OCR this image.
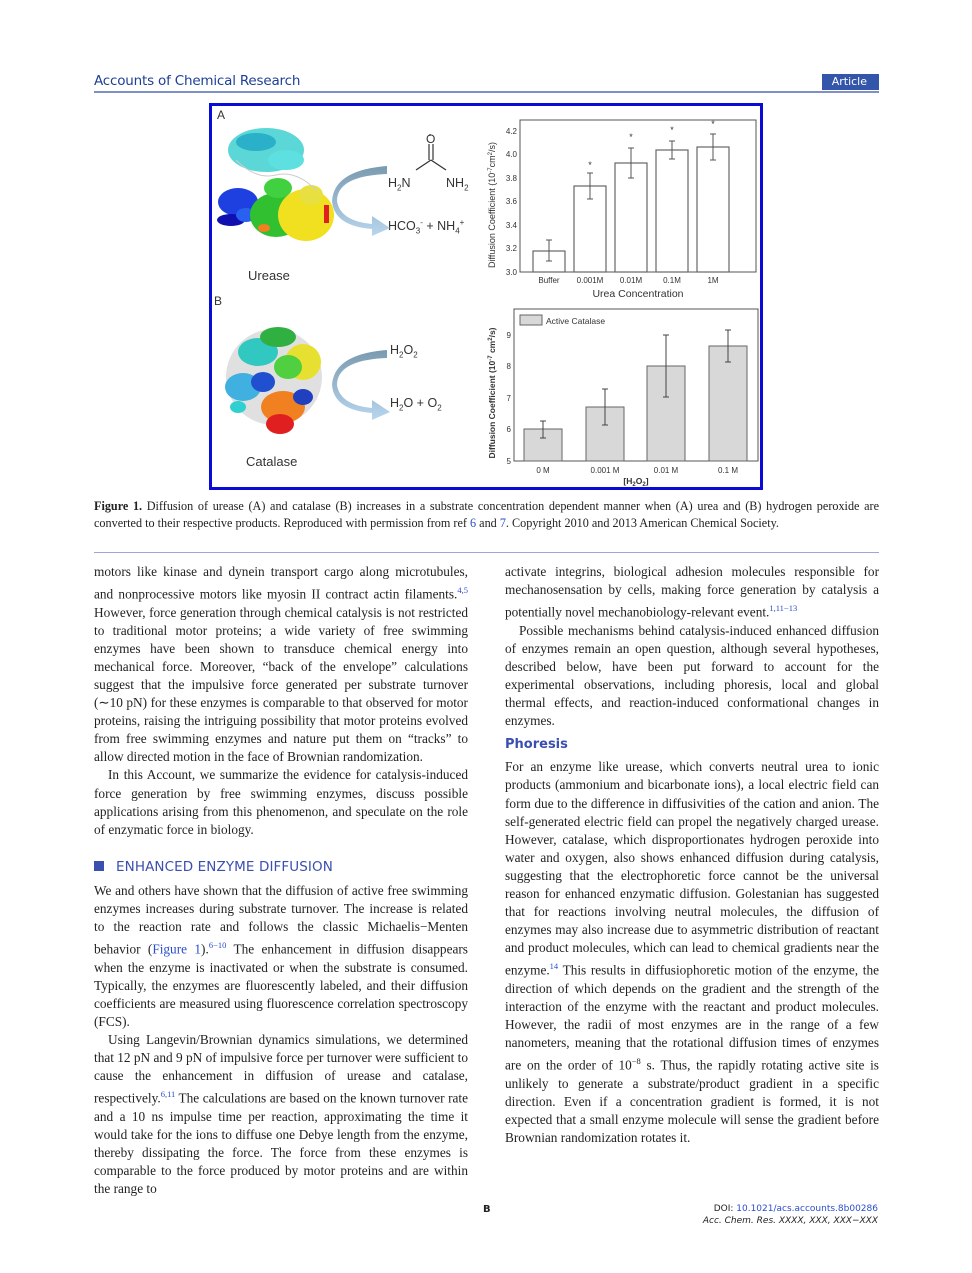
Accounts of Chemical Research	Article
A
B
Urease
O
$H_2N$	$NH_2$
$HCO_3^- + NH_4^+$
Catalase
$H_2O_2$
$H_2O + O_2$
Diffusion Coefficient $(10^{-7}cm^2/s)$
3.0
3.2
3.4
3.6
3.8
4.0
4.2
*
*
*
*
Buffer 0.001M 0.01M	0.1M	1M
Urea Concentration
Diffusion Coefficient ($10^{-7}$ $cm^2/s$)
5
6
7
8
9
Active Catalase
0 M	0.001 M	0.01 M	0.1 M
$[H_2O_2]$
Figure 1. Diffusion of urease (A) and catalase (B) increases in a substrate concentration dependent manner when (A) urea and (B) hydrogen peroxide are converted to their respective products. Reproduced with permission from ref 6 and 7. Copyright 2010 and 2013 American Chemical Society.

motors like kinase and dynein transport cargo along microtubules, and nonprocessive motors like myosin II contract actin filaments.$^{4,5}$ However, force generation through chemical catalysis is not restricted to traditional motor proteins; a wide variety of free swimming enzymes have been shown to transduce chemical energy into mechanical force. Moreover, “back of the envelope” calculations suggest that the impulsive force generated per substrate turnover (∼10 pN) for these enzymes is comparable to that observed for motor proteins, raising the intriguing possibility that motor proteins evolved from free swimming enzymes and nature put them on “tracks” to allow directed motion in the face of Brownian randomization.

In this Account, we summarize the evidence for catalysis-induced force generation by free swimming enzymes, discuss possible applications arising from this phenomenon, and speculate on the role of enzymatic force in biology.

ENHANCED ENZYME DIFFUSION

We and others have shown that the diffusion of active free swimming enzymes increases during substrate turnover. The increase is related to the reaction rate and follows the classic Michaelis−Menten behavior (Figure 1).$^{6-10}$ The enhancement in diffusion disappears when the enzyme is inactivated or when the substrate is consumed. Typically, the enzymes are fluorescently labeled, and their diffusion coefficients are measured using fluorescence correlation spectroscopy (FCS).

Using Langevin/Brownian dynamics simulations, we determined that 12 pN and 9 pN of impulsive force per turnover were sufficient to cause the enhancement in diffusion of urease and catalase, respectively.$^{6,11}$ The calculations are based on the known turnover rate and a 10 ns impulse time per reaction, approximating the time it would take for the ions to diffuse one Debye length from the enzyme, thereby dissipating the force. The force from these enzymes is comparable to the force produced by motor proteins and are within the range to

activate integrins, biological adhesion molecules responsible for mechanosensation by cells, making force generation by catalysis a potentially novel mechanobiology-relevant event.$^{1,11-13}$

Possible mechanisms behind catalysis-induced enhanced diffusion of enzymes remain an open question, although several hypotheses, described below, have been put forward to account for the experimental observations, including phoresis, local and global thermal effects, and reaction-induced conformational changes in enzymes.

Phoresis

For an enzyme like urease, which converts neutral urea to ionic products (ammonium and bicarbonate ions), a local electric field can form due to the difference in diffusivities of the cation and anion. The self-generated electric field can propel the negatively charged urease. However, catalase, which disproportionates hydrogen peroxide into water and oxygen, also shows enhanced diffusion during catalysis, suggesting that the electrophoretic force cannot be the universal reason for enhanced enzymatic diffusion. Golestanian has suggested that for reactions involving neutral molecules, the diffusion of enzymes may also increase due to asymmetric distribution of reactant and product molecules, which can lead to chemical gradients near the enzyme.$^{14}$ This results in diffusiophoretic motion of the enzyme, the direction of which depends on the gradient and the strength of the interaction of the enzyme with the reactant and product molecules. However, the radii of most enzymes are in the range of a few nanometers, meaning that the rotational diffusion times of enzymes are on the order of $10^{-8}$ s. Thus, the rapidly rotating active site is unlikely to generate a substrate/product gradient in a specific direction. Even if a concentration gradient is formed, it is not expected that a small enzyme molecule will sense the gradient before Brownian randomization rotates it.

B	DOI: 10.1021/acs.accounts.8b00286
Acc. Chem. Res. XXXX, XXX, XXX−XXX
